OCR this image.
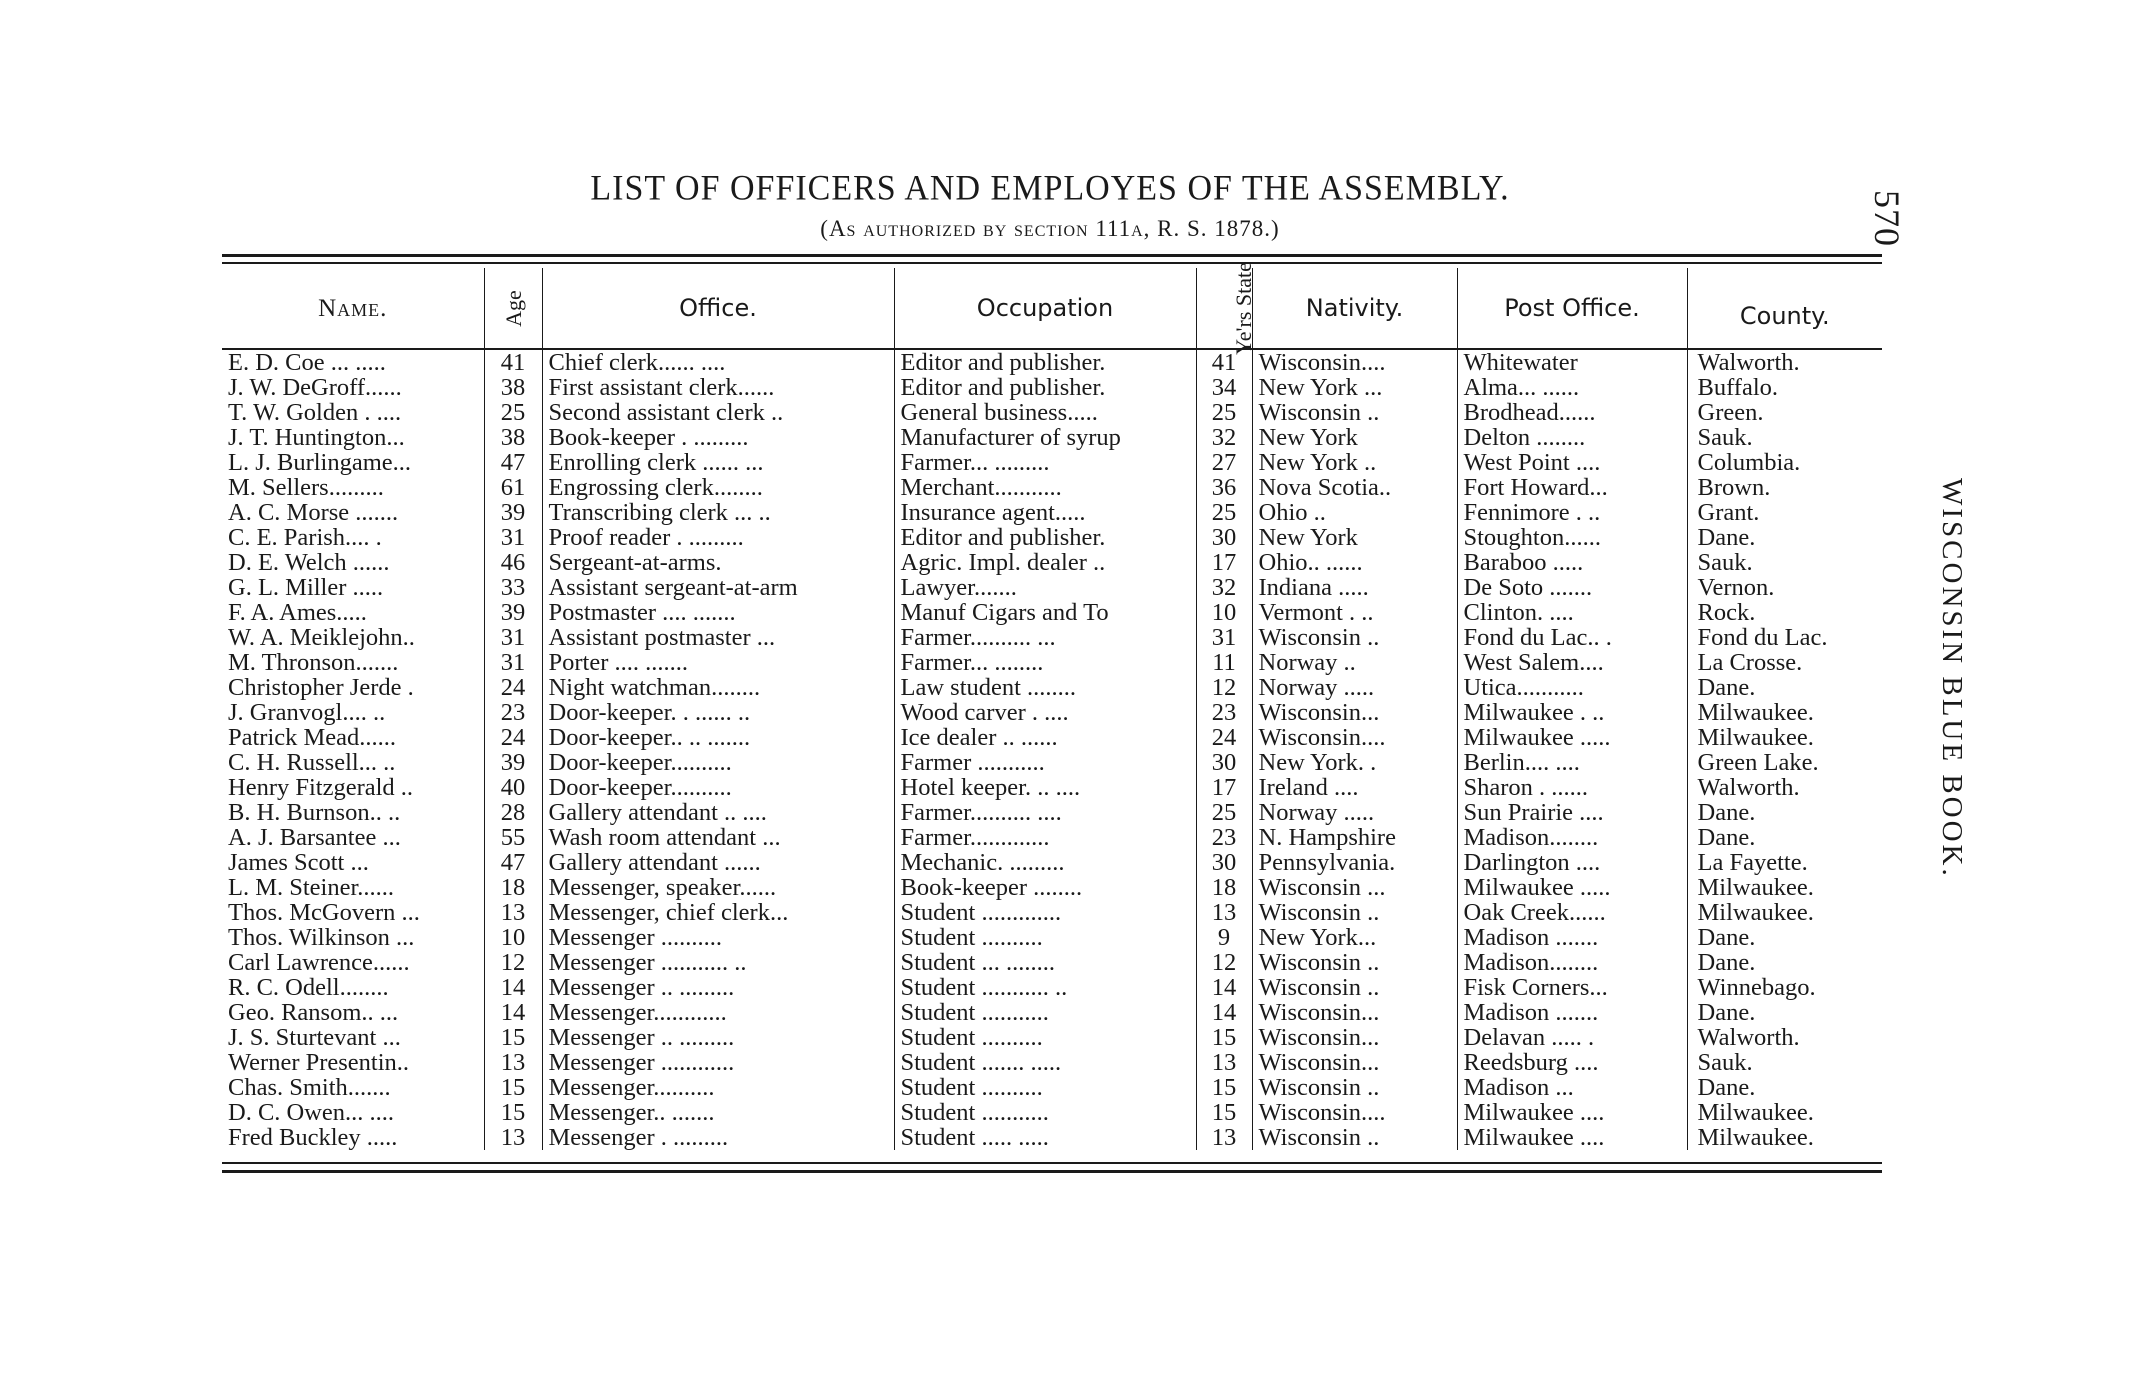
LIST OF OFFICERS AND EMPLOYES OF THE ASSEMBLY.
(As authorized by section 111a, R. S. 1878.)	570
WISCONSIN BLUE BOOK.
Name.	Age	Office.	Occupation	Ye'rs State	Nativity.	Post Office.	County.
E. D. Coe ... .....	41	Chief clerk...... ....	Editor and publisher.	41	Wisconsin....	Whitewater	Walworth.
J. W. DeGroff......	38	First assistant clerk......	Editor and publisher.	34	New York ...	Alma... ......	Buffalo.
T. W. Golden . ....	25	Second assistant clerk ..	General business.....	25	Wisconsin ..	Brodhead......	Green.
J. T. Huntington...	38	Book-keeper . .........	Manufacturer of syrup	32	New York	Delton ........	Sauk.
L. J. Burlingame...	47	Enrolling clerk ...... ...	Farmer... .........	27	New York ..	West Point ....	Columbia.
M. Sellers.........	61	Engrossing clerk........	Merchant...........	36	Nova Scotia..	Fort Howard...	Brown.
A. C. Morse .......	39	Transcribing clerk ... ..	Insurance agent.....	25	Ohio ..	Fennimore . ..	Grant.
C. E. Parish.... .	31	Proof reader . .........	Editor and publisher.	30	New York	Stoughton......	Dane.
D. E. Welch ......	46	Sergeant-at-arms.	Agric. Impl. dealer ..	17	Ohio.. ......	Baraboo .....	Sauk.
G. L. Miller .....	33	Assistant sergeant-at-arm	Lawyer.......	32	Indiana .....	De Soto .......	Vernon.
F. A. Ames.....	39	Postmaster .... .......	Manuf Cigars and To	10	Vermont . ..	Clinton. ....	Rock.
W. A. Meiklejohn..	31	Assistant postmaster ...	Farmer.......... ...	31	Wisconsin ..	Fond du Lac.. .	Fond du Lac.
M. Thronson.......	31	Porter .... .......	Farmer... ........	11	Norway ..	West Salem....	La Crosse.
Christopher Jerde .	24	Night watchman........	Law student ........	12	Norway .....	Utica...........	Dane.
J. Granvogl.... ..	23	Door-keeper. . ...... ..	Wood carver . ....	23	Wisconsin...	Milwaukee . ..	Milwaukee.
Patrick Mead......	24	Door-keeper.. .. .......	Ice dealer .. ......	24	Wisconsin....	Milwaukee .....	Milwaukee.
C. H. Russell... ..	39	Door-keeper..........	Farmer ...........	30	New York. .	Berlin.... ....	Green Lake.
Henry Fitzgerald ..	40	Door-keeper..........	Hotel keeper. .. ....	17	Ireland ....	Sharon . ......	Walworth.
B. H. Burnson.. ..	28	Gallery attendant .. ....	Farmer.......... ....	25	Norway .....	Sun Prairie ....	Dane.
A. J. Barsantee ...	55	Wash room attendant ...	Farmer.............	23	N. Hampshire	Madison........	Dane.
James Scott ...	47	Gallery attendant ......	Mechanic. .........	30	Pennsylvania.	Darlington ....	La Fayette.
L. M. Steiner......	18	Messenger, speaker......	Book-keeper ........	18	Wisconsin ...	Milwaukee .....	Milwaukee.
Thos. McGovern ...	13	Messenger, chief clerk...	Student .............	13	Wisconsin ..	Oak Creek......	Milwaukee.
Thos. Wilkinson ...	10	Messenger ..........	Student ..........	9	New York...	Madison .......	Dane.
Carl Lawrence......	12	Messenger ........... ..	Student ... ........	12	Wisconsin ..	Madison........	Dane.
R. C. Odell........	14	Messenger .. .........	Student ........... ..	14	Wisconsin ..	Fisk Corners...	Winnebago.
Geo. Ransom.. ...	14	Messenger............	Student ...........	14	Wisconsin...	Madison .......	Dane.
J. S. Sturtevant ...	15	Messenger .. .........	Student ..........	15	Wisconsin...	Delavan ..... .	Walworth.
Werner Presentin..	13	Messenger ............	Student ....... .....	13	Wisconsin...	Reedsburg ....	Sauk.
Chas. Smith.......	15	Messenger..........	Student ..........	15	Wisconsin ..	Madison ...	Dane.
D. C. Owen... ....	15	Messenger.. .......	Student ...........	15	Wisconsin....	Milwaukee ....	Milwaukee.
Fred Buckley .....	13	Messenger . .........	Student ..... .....	13	Wisconsin ..	Milwaukee ....	Milwaukee.
